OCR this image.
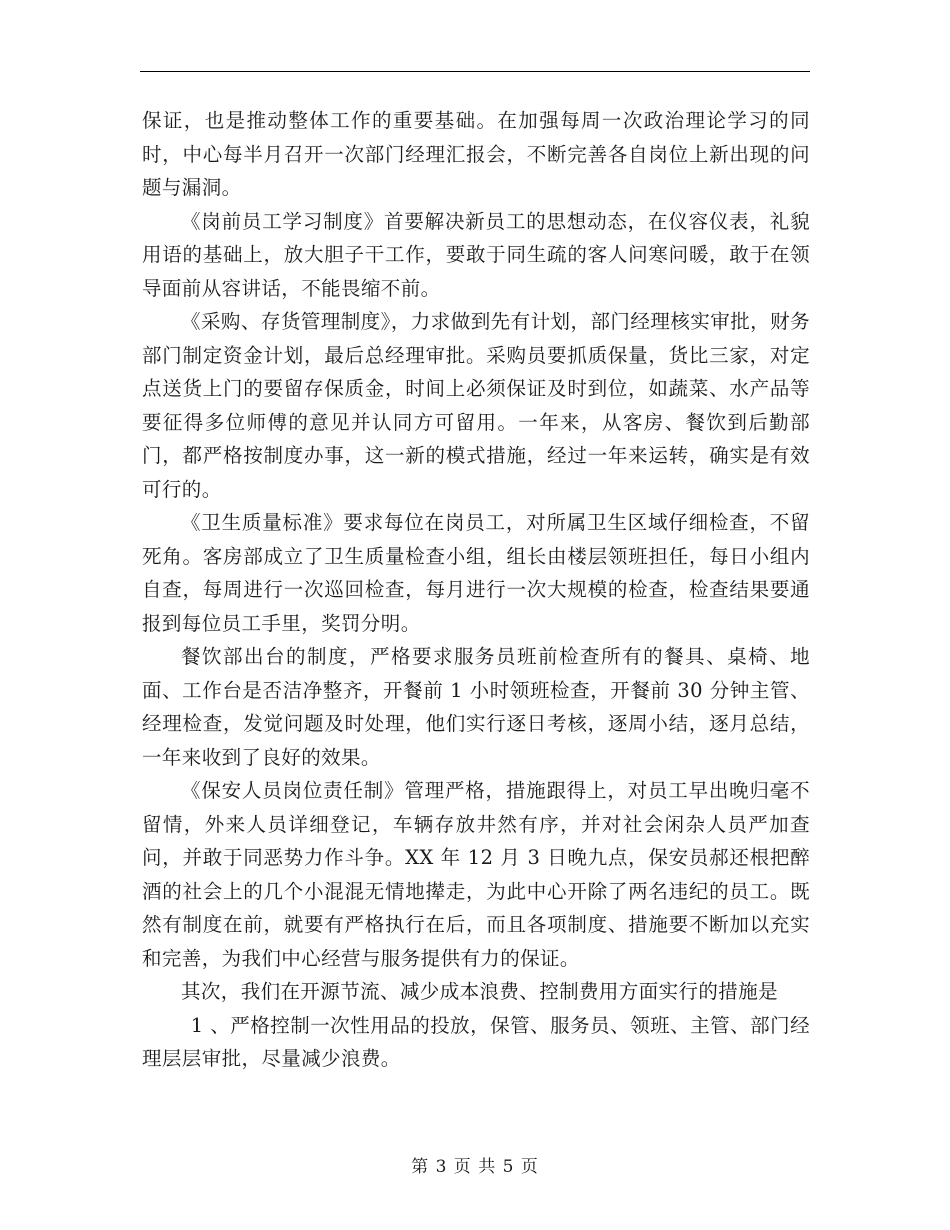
保证，也是推动整体工作的重要基础。在加强每周一次政治理论学习的同时，中心每半月召开一次部门经理汇报会，不断完善各自岗位上新出现的问题与漏洞。

《岗前员工学习制度》首要解决新员工的思想动态，在仪容仪表，礼貌用语的基础上，放大胆子干工作，要敢于同生疏的客人问寒问暖，敢于在领导面前从容讲话，不能畏缩不前。

《采购、存货管理制度》，力求做到先有计划，部门经理核实审批，财务部门制定资金计划，最后总经理审批。采购员要抓质保量，货比三家，对定点送货上门的要留存保质金，时间上必须保证及时到位，如蔬菜、水产品等要征得多位师傅的意见并认同方可留用。一年来，从客房、餐饮到后勤部门，都严格按制度办事，这一新的模式措施，经过一年来运转，确实是有效可行的。

《卫生质量标准》要求每位在岗员工，对所属卫生区域仔细检查，不留死角。客房部成立了卫生质量检查小组，组长由楼层领班担任，每日小组内自查，每周进行一次巡回检查，每月进行一次大规模的检查，检查结果要通报到每位员工手里，奖罚分明。

餐饮部出台的制度，严格要求服务员班前检查所有的餐具、桌椅、地面、工作台是否洁净整齐，开餐前 1 小时领班检查，开餐前 30 分钟主管、经理检查，发觉问题及时处理，他们实行逐日考核，逐周小结，逐月总结，一年来收到了良好的效果。

《保安人员岗位责任制》管理严格，措施跟得上，对员工早出晚归毫不留情，外来人员详细登记，车辆存放井然有序，并对社会闲杂人员严加查问，并敢于同恶势力作斗争。XX 年 12 月 3 日晚九点，保安员郝还根把醉酒的社会上的几个小混混无情地撵走，为此中心开除了两名违纪的员工。既然有制度在前，就要有严格执行在后，而且各项制度、措施要不断加以充实和完善，为我们中心经营与服务提供有力的保证。

其次，我们在开源节流、减少成本浪费、控制费用方面实行的措施是

1 、严格控制一次性用品的投放，保管、服务员、领班、主管、部门经理层层审批，尽量减少浪费。

第 3 页 共 5 页
